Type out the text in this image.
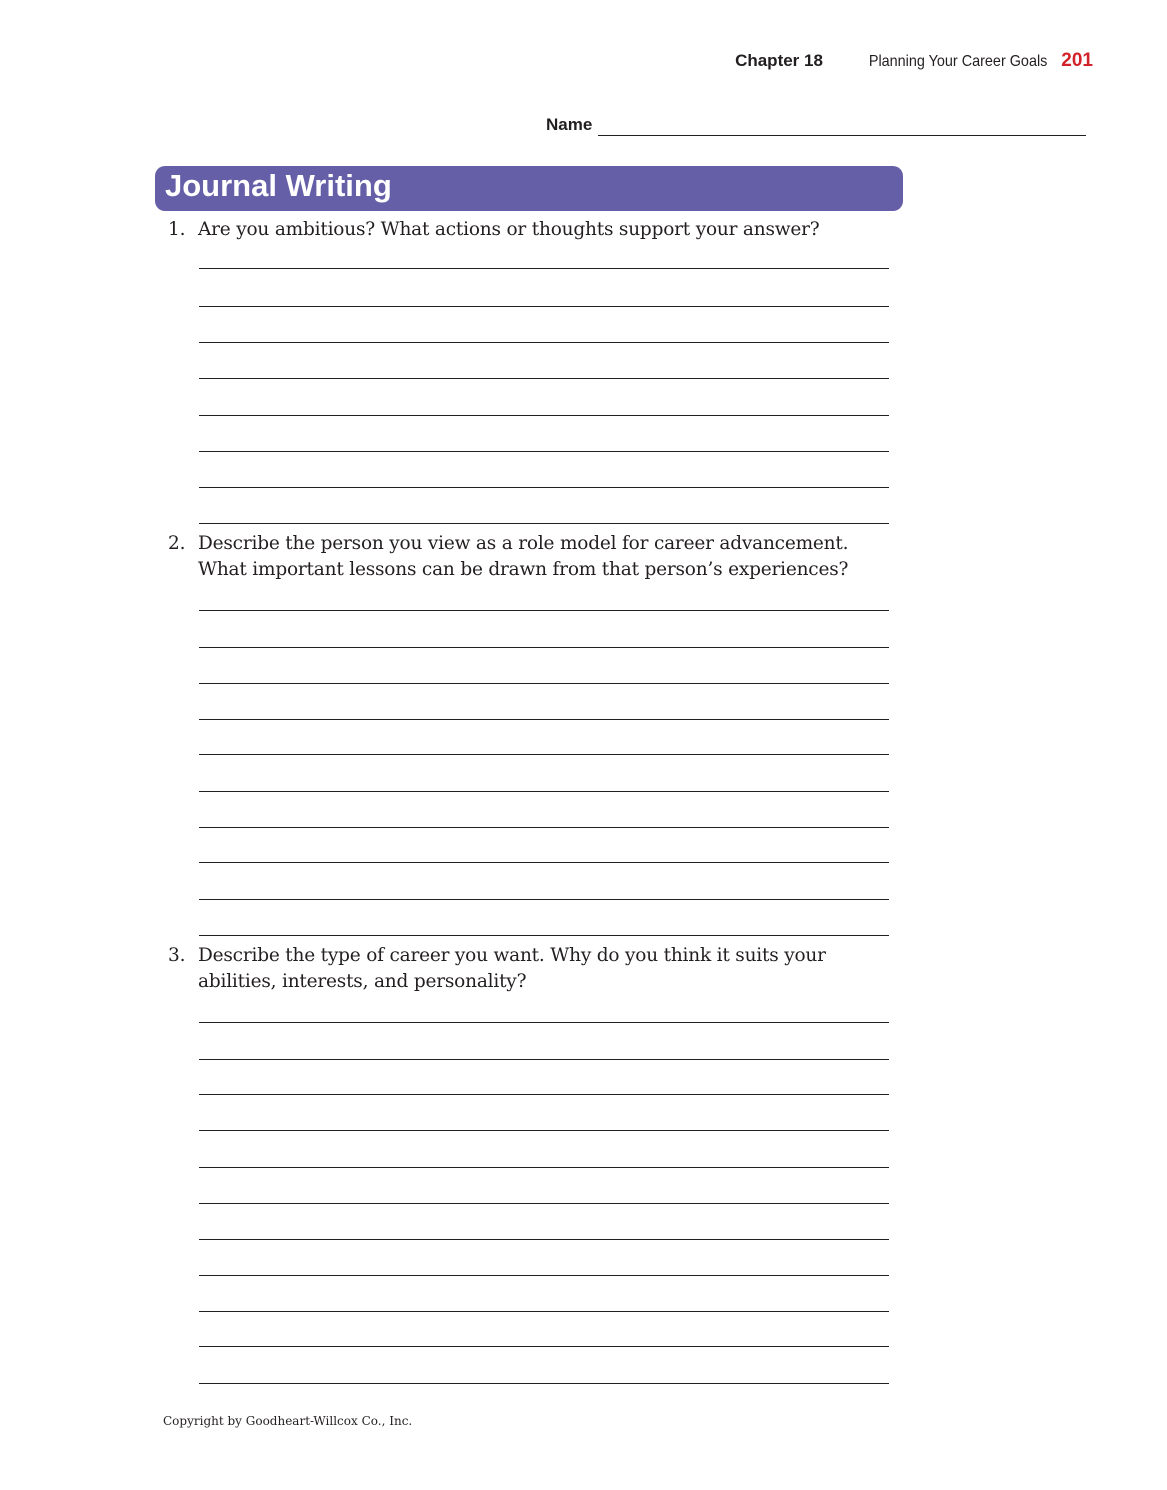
Chapter 18	Planning Your Career Goals 201
Name
Journal Writing
1. Are you ambitious? What actions or thoughts support your answer?
2. Describe the person you view as a role model for career advancement.
What important lessons can be drawn from that person’s experiences?
3. Describe the type of career you want. Why do you think it suits your
abilities, interests, and personality?
Copyright by Goodheart-Willcox Co., Inc.
